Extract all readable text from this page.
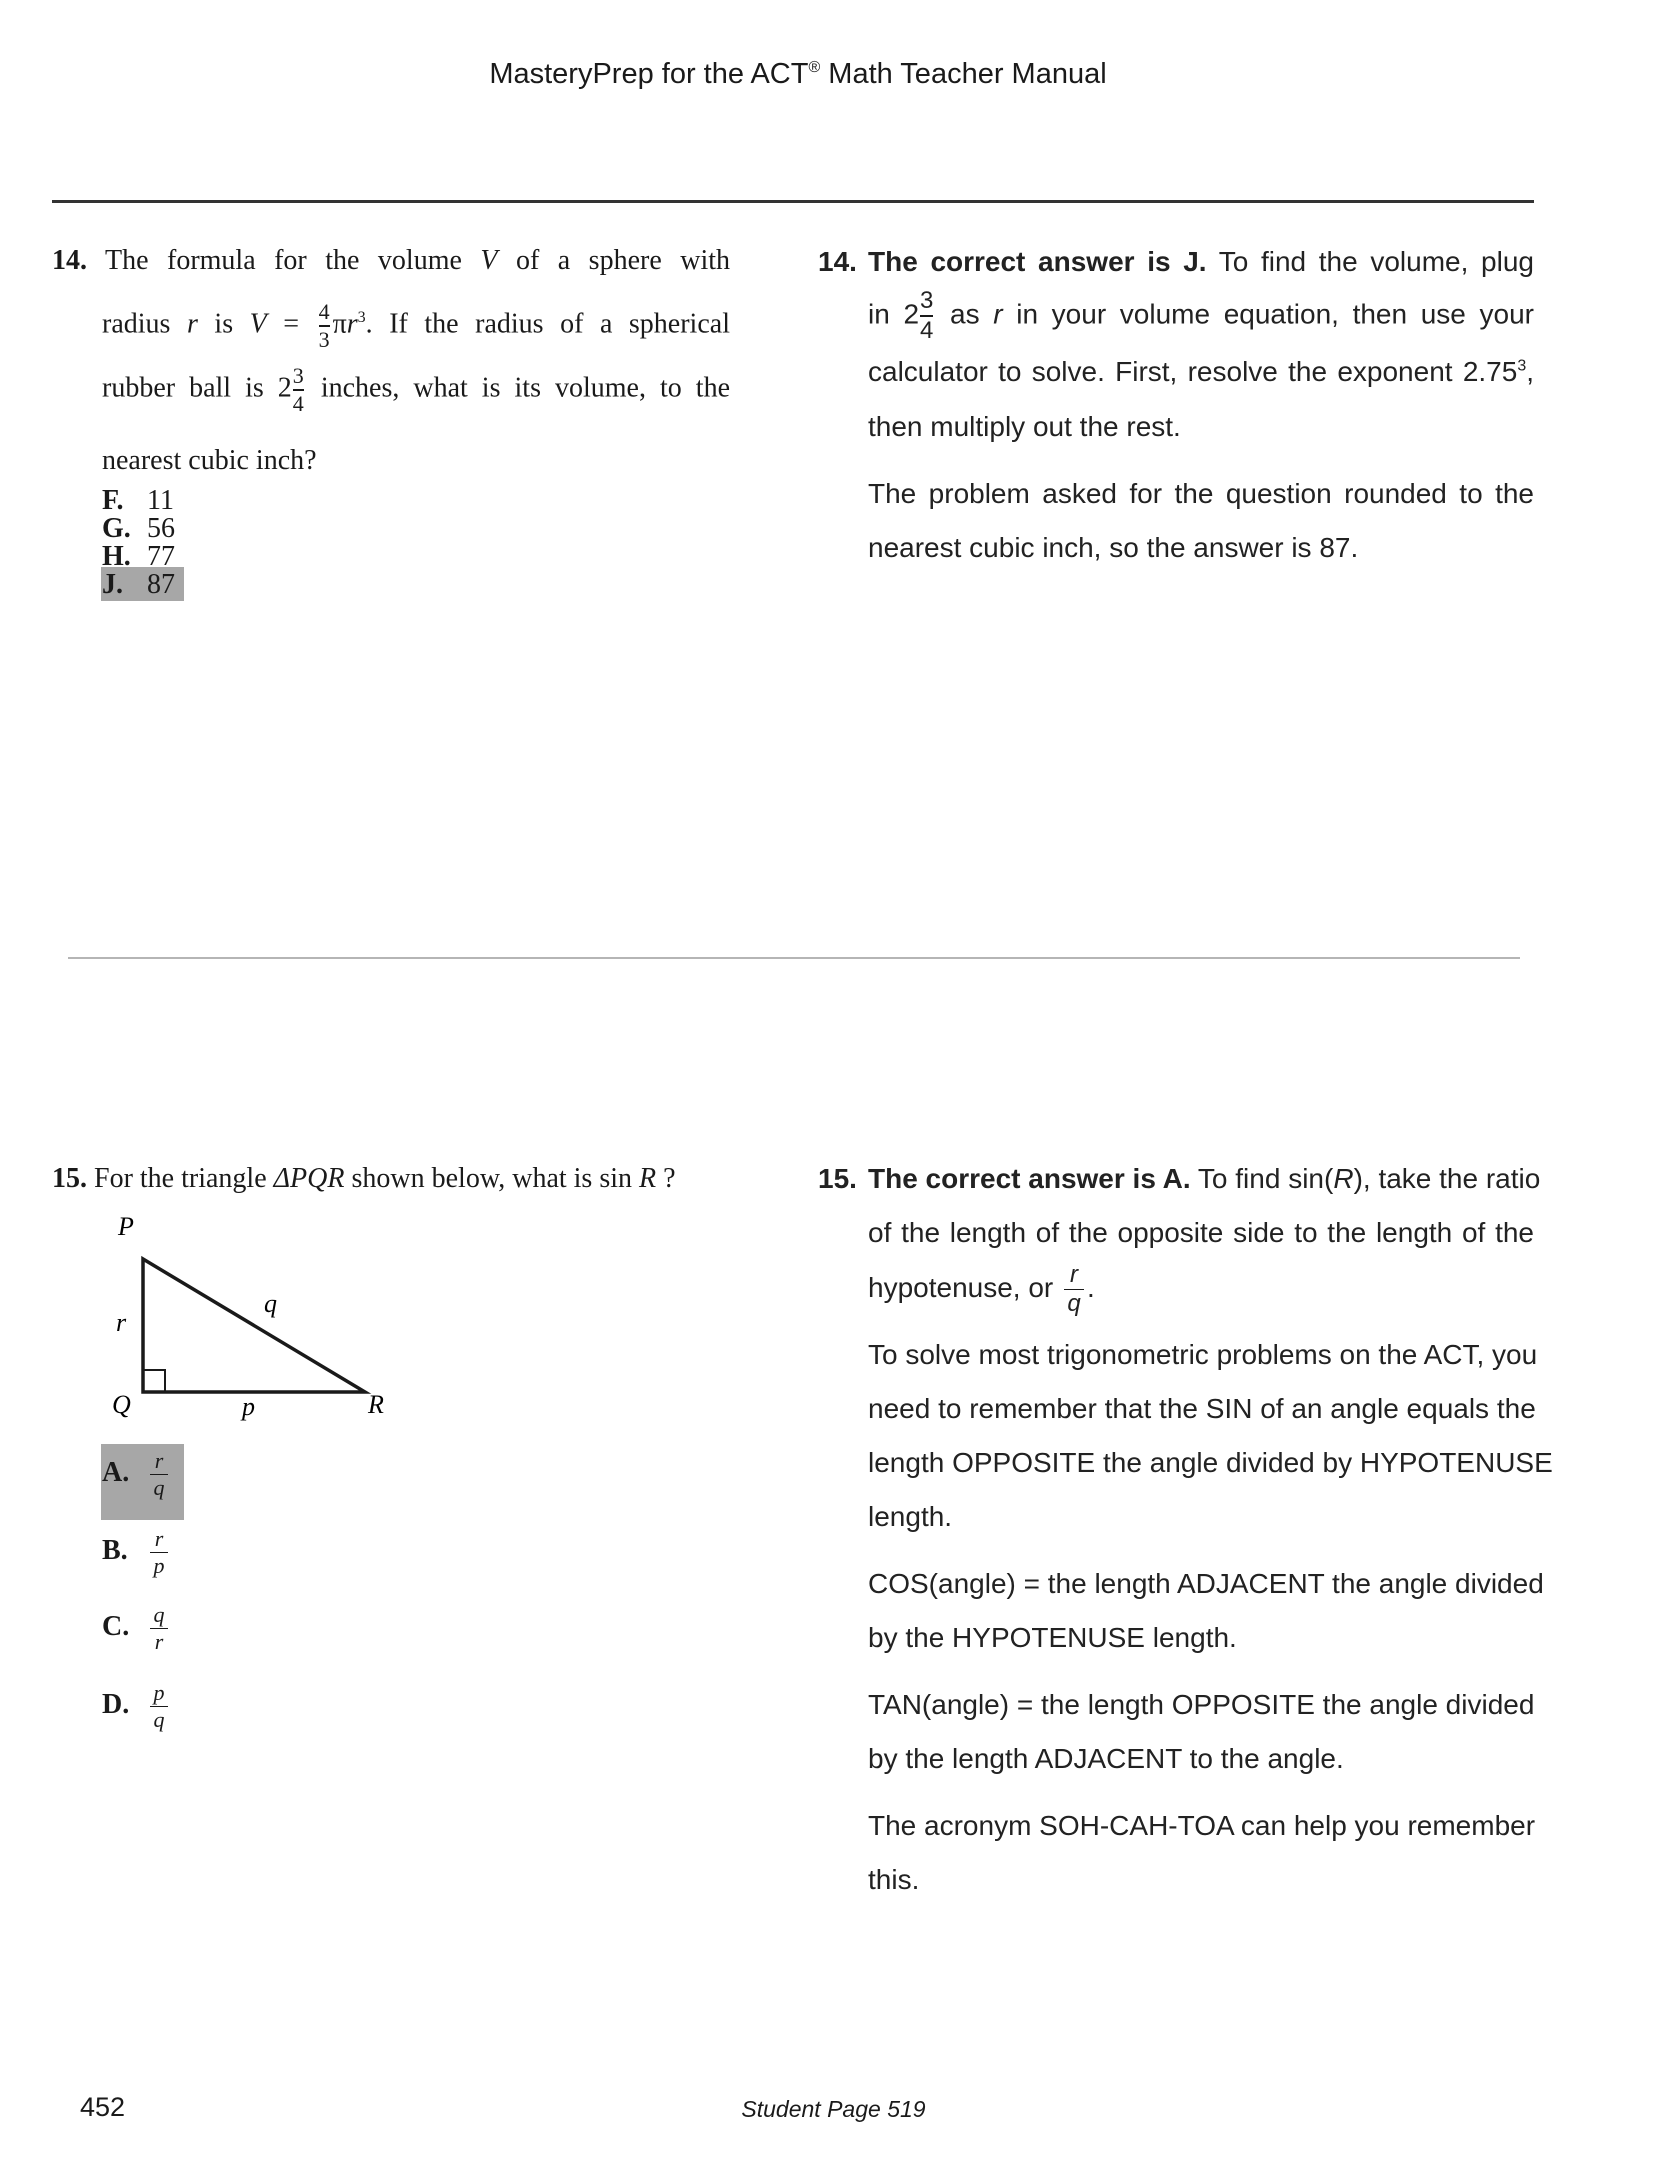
MasteryPrep for the ACT® Math Teacher Manual
14. The formula for the volume V of a sphere with
radius r is $V = \frac{4}{3} \pi r^3$. If the radius of a spherical
rubber ball is $2 \frac{3}{4}$ inches, what is its volume, to the
nearest cubic inch?
F. 11
G. 56
H. 77
J. 87
14. The correct answer is J. To find the volume, plug
in $2 \frac{3}{4}$ as r in your volume equation, then use your
calculator to solve. First, resolve the exponent 2.75$^3$,
then multiply out the rest.
The problem asked for the question rounded to the
nearest cubic inch, so the answer is 87.
15. For the triangle ΔPQR shown below, what is sin R ?
P
Q	R
r
q
p
A. $\frac{r}{q}$
B. $\frac{r}{p}$
C. $\frac{q}{r}$
D. $\frac{p}{q}$
15. The correct answer is A. To find sin(R), take the ratio
of the length of the opposite side to the length of the
hypotenuse, or $\frac{r}{q}$ .
To solve most trigonometric problems on the ACT, you
need to remember that the SIN of an angle equals the
length OPPOSITE the angle divided by HYPOTENUSE
length.
COS(angle) = the length ADJACENT the angle divided
by the HYPOTENUSE length.
TAN(angle) = the length OPPOSITE the angle divided
by the length ADJACENT to the angle.
The acronym SOH-CAH-TOA can help you remember
this.
452	Student Page 519
